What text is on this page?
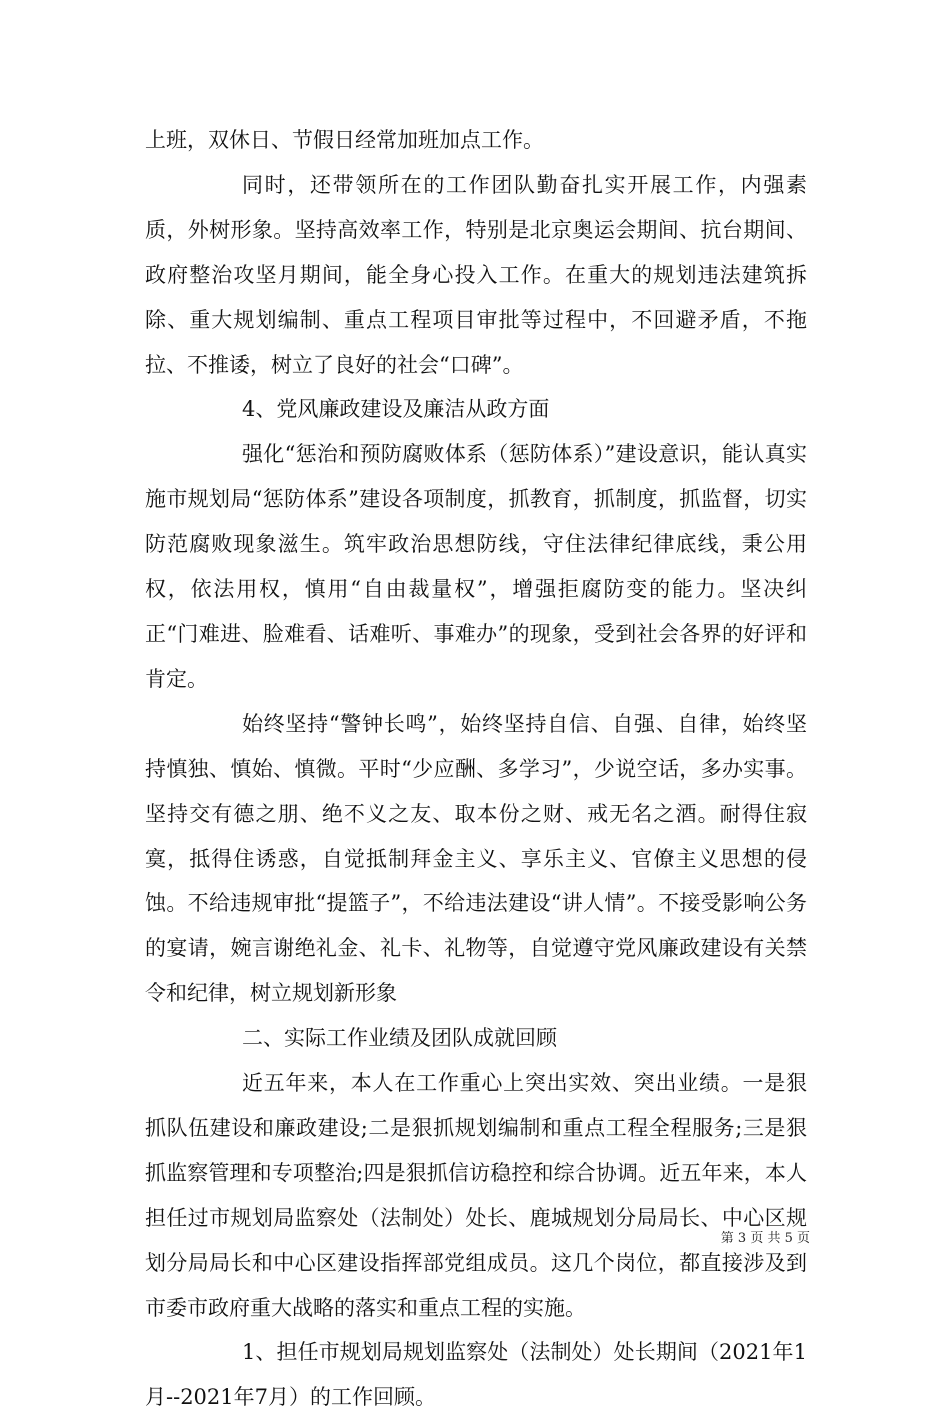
上班，双休日、节假日经常加班加点工作。

同时，还带领所在的工作团队勤奋扎实开展工作，内强素质，外树形象。坚持高效率工作，特别是北京奥运会期间、抗台期间、政府整治攻坚月期间，能全身心投入工作。在重大的规划违法建筑拆除、重大规划编制、重点工程项目审批等过程中，不回避矛盾，不拖拉、不推诿，树立了良好的社会“口碑”。

4、党风廉政建设及廉洁从政方面

强化“惩治和预防腐败体系（惩防体系）”建设意识，能认真实施市规划局“惩防体系”建设各项制度，抓教育，抓制度，抓监督，切实防范腐败现象滋生。筑牢政治思想防线，守住法律纪律底线，秉公用权，依法用权，慎用“自由裁量权”，增强拒腐防变的能力。坚决纠正“门难进、脸难看、话难听、事难办”的现象，受到社会各界的好评和肯定。

始终坚持“警钟长鸣”，始终坚持自信、自强、自律，始终坚持慎独、慎始、慎微。平时“少应酬、多学习”，少说空话，多办实事。坚持交有德之朋、绝不义之友、取本份之财、戒无名之酒。耐得住寂寞，抵得住诱惑，自觉抵制拜金主义、享乐主义、官僚主义思想的侵蚀。不给违规审批“提篮子”，不给违法建设“讲人情”。不接受影响公务的宴请，婉言谢绝礼金、礼卡、礼物等，自觉遵守党风廉政建设有关禁令和纪律，树立规划新形象

二、实际工作业绩及团队成就回顾

近五年来，本人在工作重心上突出实效、突出业绩。一是狠抓队伍建设和廉政建设;二是狠抓规划编制和重点工程全程服务;三是狠抓监察管理和专项整治;四是狠抓信访稳控和综合协调。近五年来，本人担任过市规划局监察处（法制处）处长、鹿城规划分局局长、中心区规划分局局长和中心区建设指挥部党组成员。这几个岗位，都直接涉及到市委市政府重大战略的落实和重点工程的实施。

1、担任市规划局规划监察处（法制处）处长期间（2021年1月--2021年7月）的工作回顾。

第 3 页 共 5 页
